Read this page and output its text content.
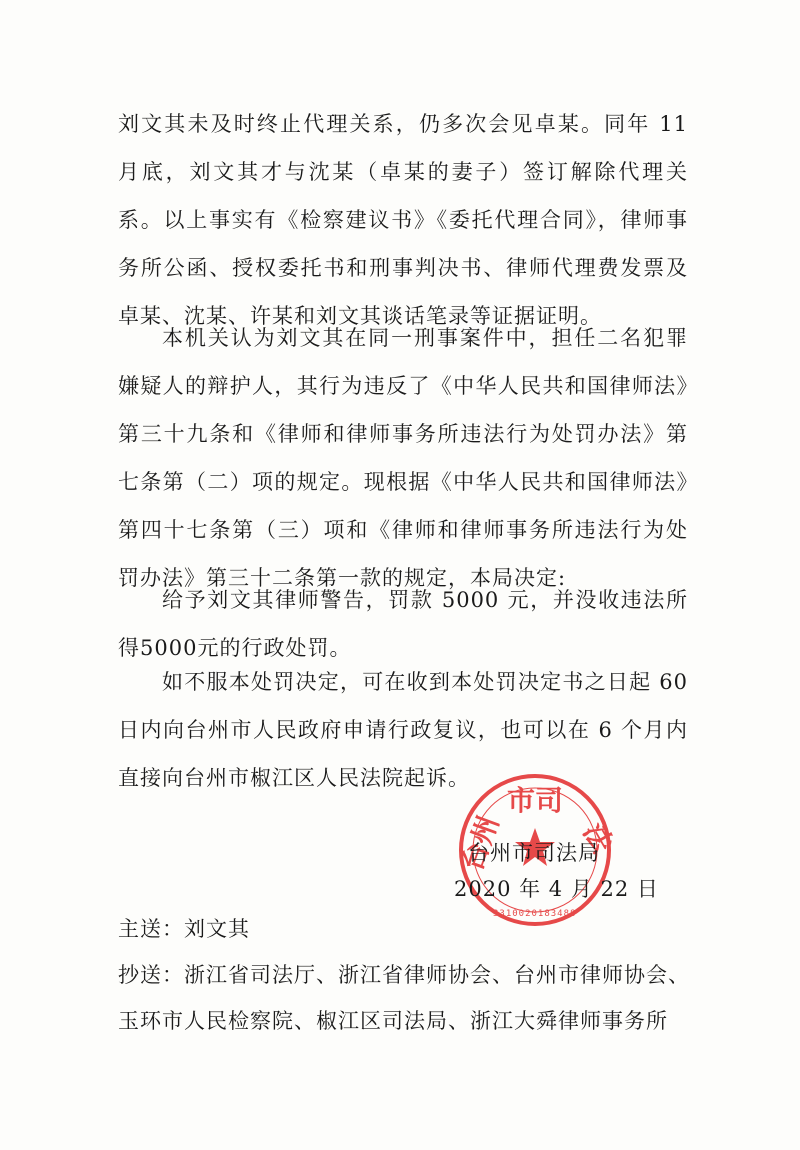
刘文其未及时终止代理关系，仍多次会见卓某。同年 11 月底，刘文其才与沈某（卓某的妻子）签订解除代理关系。以上事实有《检察建议书》《委托代理合同》，律师事务所公函、授权委托书和刑事判决书、律师代理费发票及卓某、沈某、许某和刘文其谈话笔录等证据证明。

本机关认为刘文其在同一刑事案件中，担任二名犯罪嫌疑人的辩护人，其行为违反了《中华人民共和国律师法》第三十九条和《律师和律师事务所违法行为处罚办法》第七条第（二）项的规定。现根据《中华人民共和国律师法》第四十七条第（三）项和《律师和律师事务所违法行为处罚办法》第三十二条第一款的规定，本局决定:

给予刘文其律师警告，罚款 5000 元，并没收违法所得5000元的行政处罚。

如不服本处罚决定，可在收到本处罚决定书之日起 60日内向台州市人民政府申请行政复议，也可以在 6 个月内直接向台州市椒江区人民法院起诉。

市司
台州	法
3310020183488
台州市司法局
2020 年 4 月 22 日

主送：刘文其

抄送：浙江省司法厅、浙江省律师协会、台州市律师协会、玉环市人民检察院、椒江区司法局、浙江大舜律师事务所
